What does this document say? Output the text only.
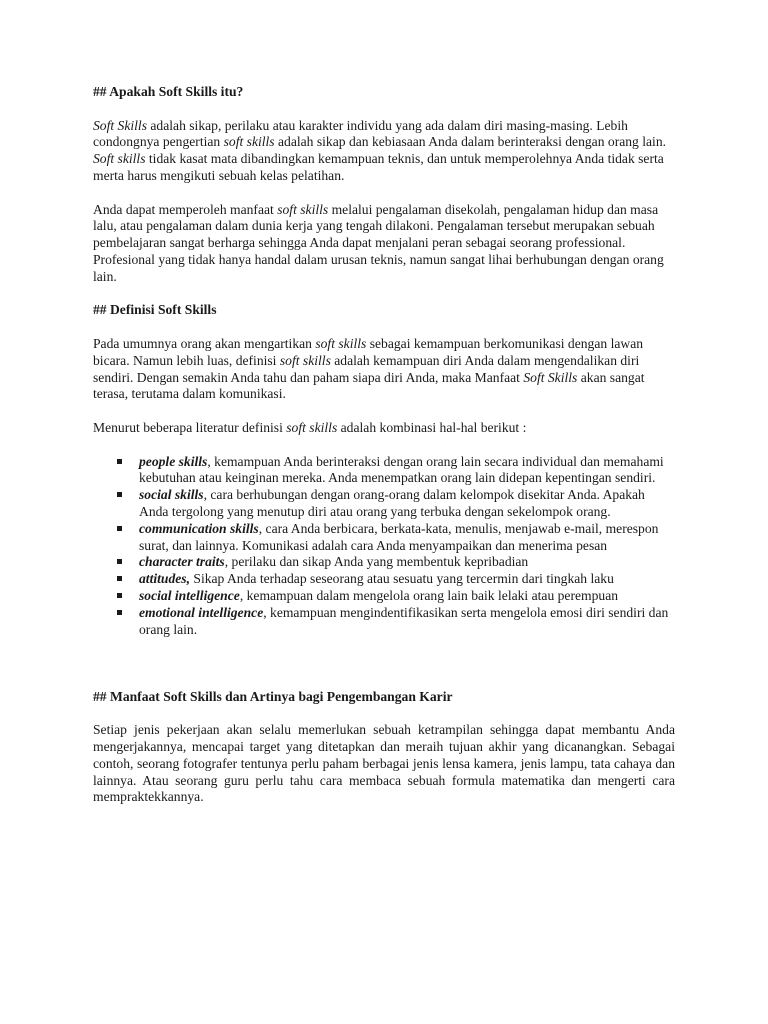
## Apakah Soft Skills itu?

Soft Skills adalah sikap, perilaku atau karakter individu yang ada dalam diri masing-masing. Lebih condongnya pengertian soft skills adalah sikap dan kebiasaan Anda dalam berinteraksi dengan orang lain. Soft skills tidak kasat mata dibandingkan kemampuan teknis, dan untuk memperolehnya Anda tidak serta merta harus mengikuti sebuah kelas pelatihan.

Anda dapat memperoleh manfaat soft skills melalui pengalaman disekolah, pengalaman hidup dan masa lalu, atau pengalaman dalam dunia kerja yang tengah dilakoni. Pengalaman tersebut merupakan sebuah pembelajaran sangat berharga sehingga Anda dapat menjalani peran sebagai seorang professional. Profesional yang tidak hanya handal dalam urusan teknis, namun sangat lihai berhubungan dengan orang lain.

## Definisi Soft Skills

Pada umumnya orang akan mengartikan soft skills sebagai kemampuan berkomunikasi dengan lawan bicara. Namun lebih luas, definisi soft skills adalah kemampuan diri Anda dalam mengendalikan diri sendiri. Dengan semakin Anda tahu dan paham siapa diri Anda, maka Manfaat Soft Skills akan sangat terasa, terutama dalam komunikasi.

Menurut beberapa literatur definisi soft skills adalah kombinasi hal-hal berikut :

people skills, kemampuan Anda berinteraksi dengan orang lain secara individual dan memahami kebutuhan atau keinginan mereka. Anda menempatkan orang lain didepan kepentingan sendiri.
social skills, cara berhubungan dengan orang-orang dalam kelompok disekitar Anda. Apakah Anda tergolong yang menutup diri atau orang yang terbuka dengan sekelompok orang.
communication skills, cara Anda berbicara, berkata-kata, menulis, menjawab e-mail, merespon surat, dan lainnya. Komunikasi adalah cara Anda menyampaikan dan menerima pesan
character traits, perilaku dan sikap Anda yang membentuk kepribadian
attitudes, Sikap Anda terhadap seseorang atau sesuatu yang tercermin dari tingkah laku
social intelligence, kemampuan dalam mengelola orang lain baik lelaki atau perempuan
emotional intelligence, kemampuan mengindentifikasikan serta mengelola emosi diri sendiri dan orang lain.

## Manfaat Soft Skills dan Artinya bagi Pengembangan Karir

Setiap jenis pekerjaan akan selalu memerlukan sebuah ketrampilan sehingga dapat membantu Anda mengerjakannya, mencapai target yang ditetapkan dan meraih tujuan akhir yang dicanangkan. Sebagai contoh, seorang fotografer tentunya perlu paham berbagai jenis lensa kamera, jenis lampu, tata cahaya dan lainnya. Atau seorang guru perlu tahu cara membaca sebuah formula matematika dan mengerti cara mempraktekkannya.
